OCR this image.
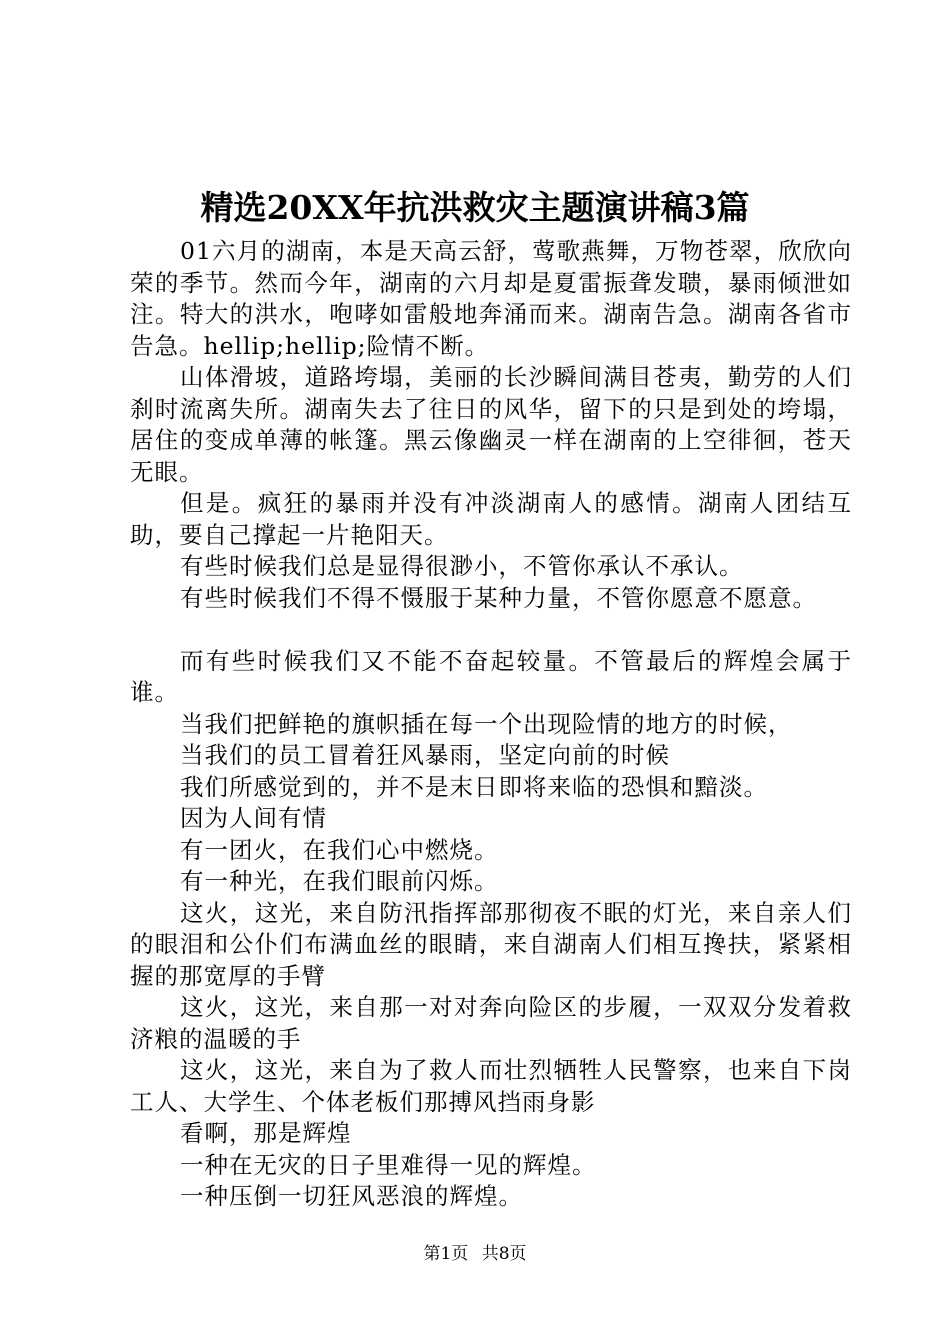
精选20XX年抗洪救灾主题演讲稿3篇

01六月的湖南，本是天高云舒，莺歌燕舞，万物苍翠，欣欣向荣的季节。然而今年，湖南的六月却是夏雷振聋发聩，暴雨倾泄如注。特大的洪水，咆哮如雷般地奔涌而来。湖南告急。湖南各省市告急。hellip;hellip;险情不断。

山体滑坡，道路垮塌，美丽的长沙瞬间满目苍夷，勤劳的人们刹时流离失所。湖南失去了往日的风华，留下的只是到处的垮塌，居住的变成单薄的帐篷。黑云像幽灵一样在湖南的上空徘徊，苍天无眼。

但是。疯狂的暴雨并没有冲淡湖南人的感情。湖南人团结互助，要自己撑起一片艳阳天。

有些时候我们总是显得很渺小，不管你承认不承认。

有些时候我们不得不慑服于某种力量，不管你愿意不愿意。

而有些时候我们又不能不奋起较量。不管最后的辉煌会属于谁。

当我们把鲜艳的旗帜插在每一个出现险情的地方的时候，

当我们的员工冒着狂风暴雨，坚定向前的时候

我们所感觉到的，并不是末日即将来临的恐惧和黯淡。

因为人间有情

有一团火，在我们心中燃烧。

有一种光，在我们眼前闪烁。

这火，这光，来自防汛指挥部那彻夜不眠的灯光，来自亲人们的眼泪和公仆们布满血丝的眼睛，来自湖南人们相互搀扶，紧紧相握的那宽厚的手臂

这火，这光，来自那一对对奔向险区的步履，一双双分发着救济粮的温暖的手

这火，这光，来自为了救人而壮烈牺牲人民警察，也来自下岗工人、大学生、个体老板们那搏风挡雨身影

看啊，那是辉煌

一种在无灾的日子里难得一见的辉煌。

一种压倒一切狂风恶浪的辉煌。

第1页 共8页
